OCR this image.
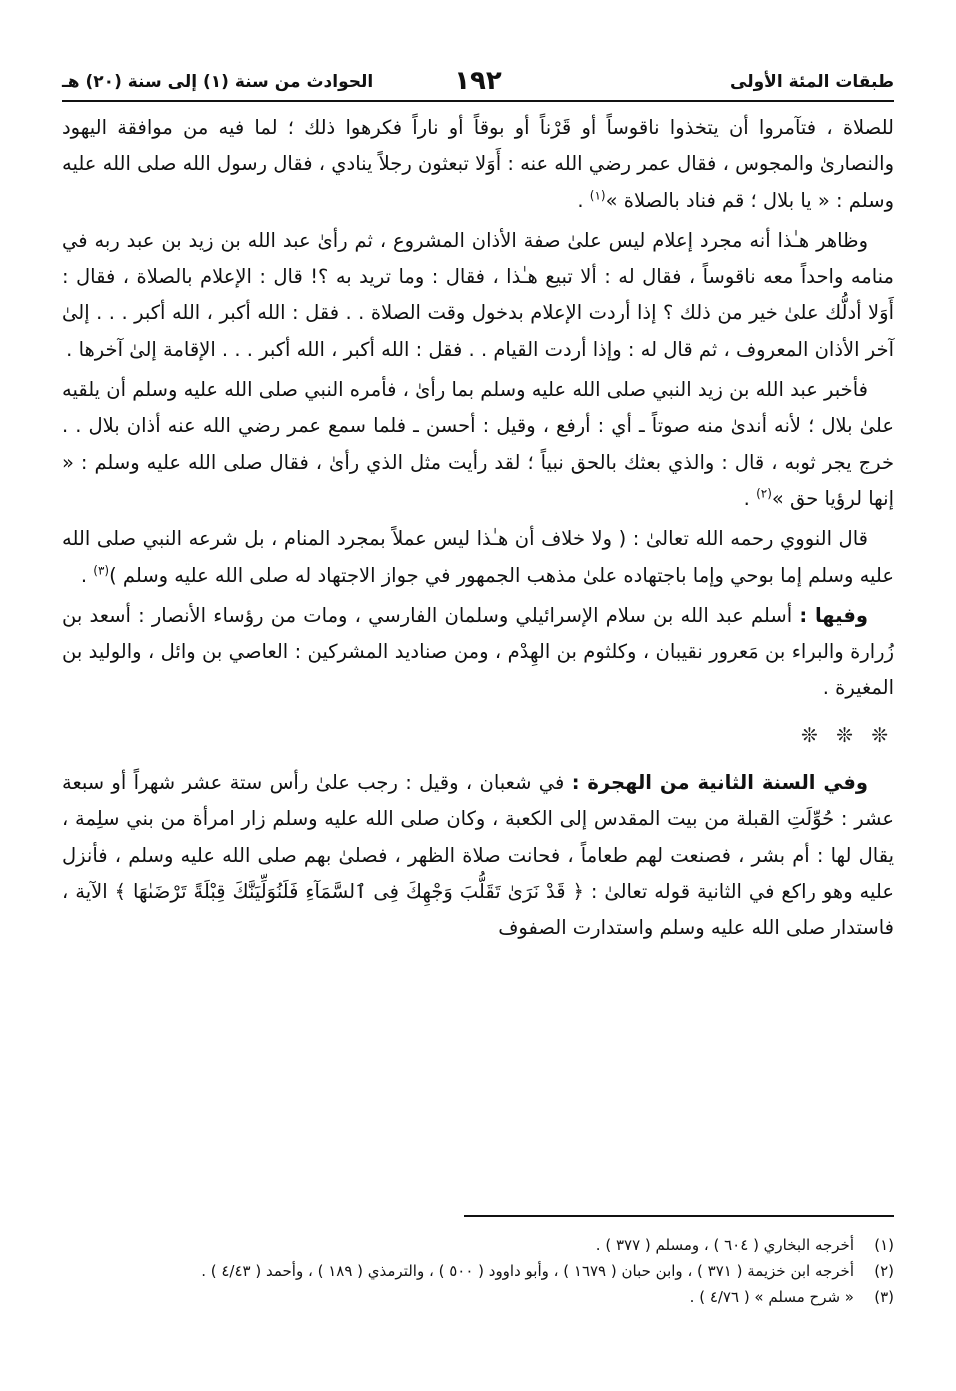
طبقات المئة الأولى
١٩٢
الحوادث من سنة (١) إلى سنة (٢٠) هـ

للصلاة ، فتآمروا أن يتخذوا ناقوساً أو قَرْناً أو بوقاً أو ناراً فكرهوا ذلك ؛ لما فيه من موافقة اليهود والنصارىٰ والمجوس ، فقال عمر رضي الله عنه : أَوَلا تبعثون رجلاً ينادي ، فقال رسول الله صلى الله عليه وسلم : « يا بلال ؛ قم فناد بالصلاة »$^{(١)}$ .

وظاهر هـٰذا أنه مجرد إعلام ليس علىٰ صفة الأذان المشروع ، ثم رأىٰ عبد الله بن زيد بن عبد ربه في منامه واحداً معه ناقوساً ، فقال له : ألا تبيع هـٰذا ، فقال : وما تريد به ؟! قال : الإعلام بالصلاة ، فقال : أَوَلا أدلُّك علىٰ خير من ذلك ؟ إذا أردت الإعلام بدخول وقت الصلاة . . فقل : الله أكبر ، الله أكبر . . . إلىٰ آخر الأذان المعروف ، ثم قال له : وإذا أردت القيام . . فقل : الله أكبر ، الله أكبر . . . الإقامة إلىٰ آخرها .

فأخبر عبد الله بن زيد النبي صلى الله عليه وسلم بما رأىٰ ، فأمره النبي صلى الله عليه وسلم أن يلقيه علىٰ بلال ؛ لأنه أندىٰ منه صوتاً ـ أي : أرفع ، وقيل : أحسن ـ فلما سمع عمر رضي الله عنه أذان بلال . . خرج يجر ثوبه ، قال : والذي بعثك بالحق نبياً ؛ لقد رأيت مثل الذي رأىٰ ، فقال صلى الله عليه وسلم : « إنها لرؤيا حق »$^{(٢)}$ .

قال النووي رحمه الله تعالىٰ : ( ولا خلاف أن هـٰذا ليس عملاً بمجرد المنام ، بل شرعه النبي صلى الله عليه وسلم إما بوحي وإما باجتهاده علىٰ مذهب الجمهور في جواز الاجتهاد له صلى الله عليه وسلم )$^{(٣)}$ .

وفيها : أسلم عبد الله بن سلام الإسرائيلي وسلمان الفارسي ، ومات من رؤساء الأنصار : أسعد بن زُرارة والبراء بن مَعرور نقيبان ، وكلثوم بن الهِدْم ، ومن صناديد المشركين : العاصي بن وائل ، والوليد بن المغيرة .

❊ ❊ ❊

وفي السنة الثانية من الهجرة : في شعبان ، وقيل : رجب علىٰ رأس ستة عشر شهراً أو سبعة عشر : حُوِّلَتِ القبلة من بيت المقدس إلى الكعبة ، وكان صلى الله عليه وسلم زار امرأة من بني سلِمة ، يقال لها : أم بشر ، فصنعت لهم طعاماً ، فحانت صلاة الظهر ، فصلىٰ بهم صلى الله عليه وسلم ، فأنزل عليه وهو راكع في الثانية قوله تعالىٰ : ﴿ قَدْ نَرَىٰ تَقَلُّبَ وَجْهِكَ فِى ٱلسَّمَآءِ فَلَنُوَلِّيَنَّكَ قِبْلَةً تَرْضَىٰهَا ﴾ الآية ، فاستدار صلى الله عليه وسلم واستدارت الصفوف

(١)
أخرجه البخاري ( ٦٠٤ ) ، ومسلم ( ٣٧٧ ) .
(٢)
أخرجه ابن خزيمة ( ٣٧١ ) ، وابن حبان ( ١٦٧٩ ) ، وأبو داوود ( ٥٠٠ ) ، والترمذي ( ١٨٩ ) ، وأحمد ( ٤/٤٣ ) .
(٣)
« شرح مسلم » ( ٤/٧٦ ) .
